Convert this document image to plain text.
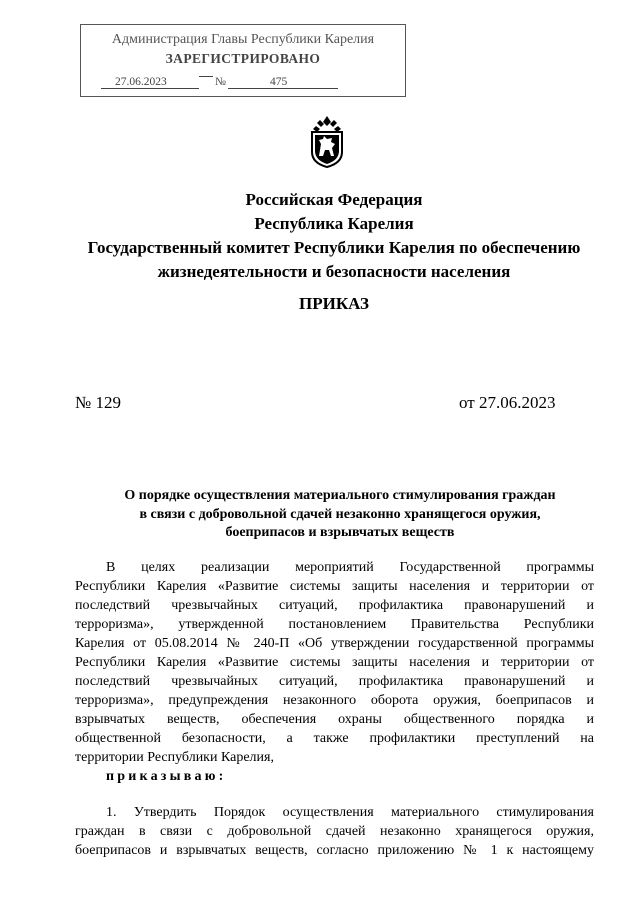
Администрация Главы Республики Карелия
ЗАРЕГИСТРИРОВАНО
27.06.2023	№	475
Российская Федерация
Республика Карелия
Государственный комитет Республики Карелия по обеспечению
жизнедеятельности и безопасности населения
ПРИКАЗ
№ 129	от 27.06.2023
О порядке осуществления материального стимулирования граждан
в связи с добровольной сдачей незаконно хранящегося оружия,
боеприпасов и взрывчатых веществ
В целях реализации мероприятий Государственной программы
Республики Карелия «Развитие системы защиты населения и территории от
последствий чрезвычайных ситуаций, профилактика правонарушений и
терроризма», утвержденной постановлением Правительства Республики
Карелия от 05.08.2014 № 240-П «Об утверждении государственной программы
Республики Карелия «Развитие системы защиты населения и территории от
последствий чрезвычайных ситуаций, профилактика правонарушений и
терроризма», предупреждения незаконного оборота оружия, боеприпасов и
взрывчатых веществ, обеспечения охраны общественного порядка и
общественной безопасности, а также профилактики преступлений на
территории Республики Карелия,
приказываю:
1. Утвердить Порядок осуществления материального стимулирования
граждан в связи с добровольной сдачей незаконно хранящегося оружия,
боеприпасов и взрывчатых веществ, согласно приложению № 1 к настоящему
